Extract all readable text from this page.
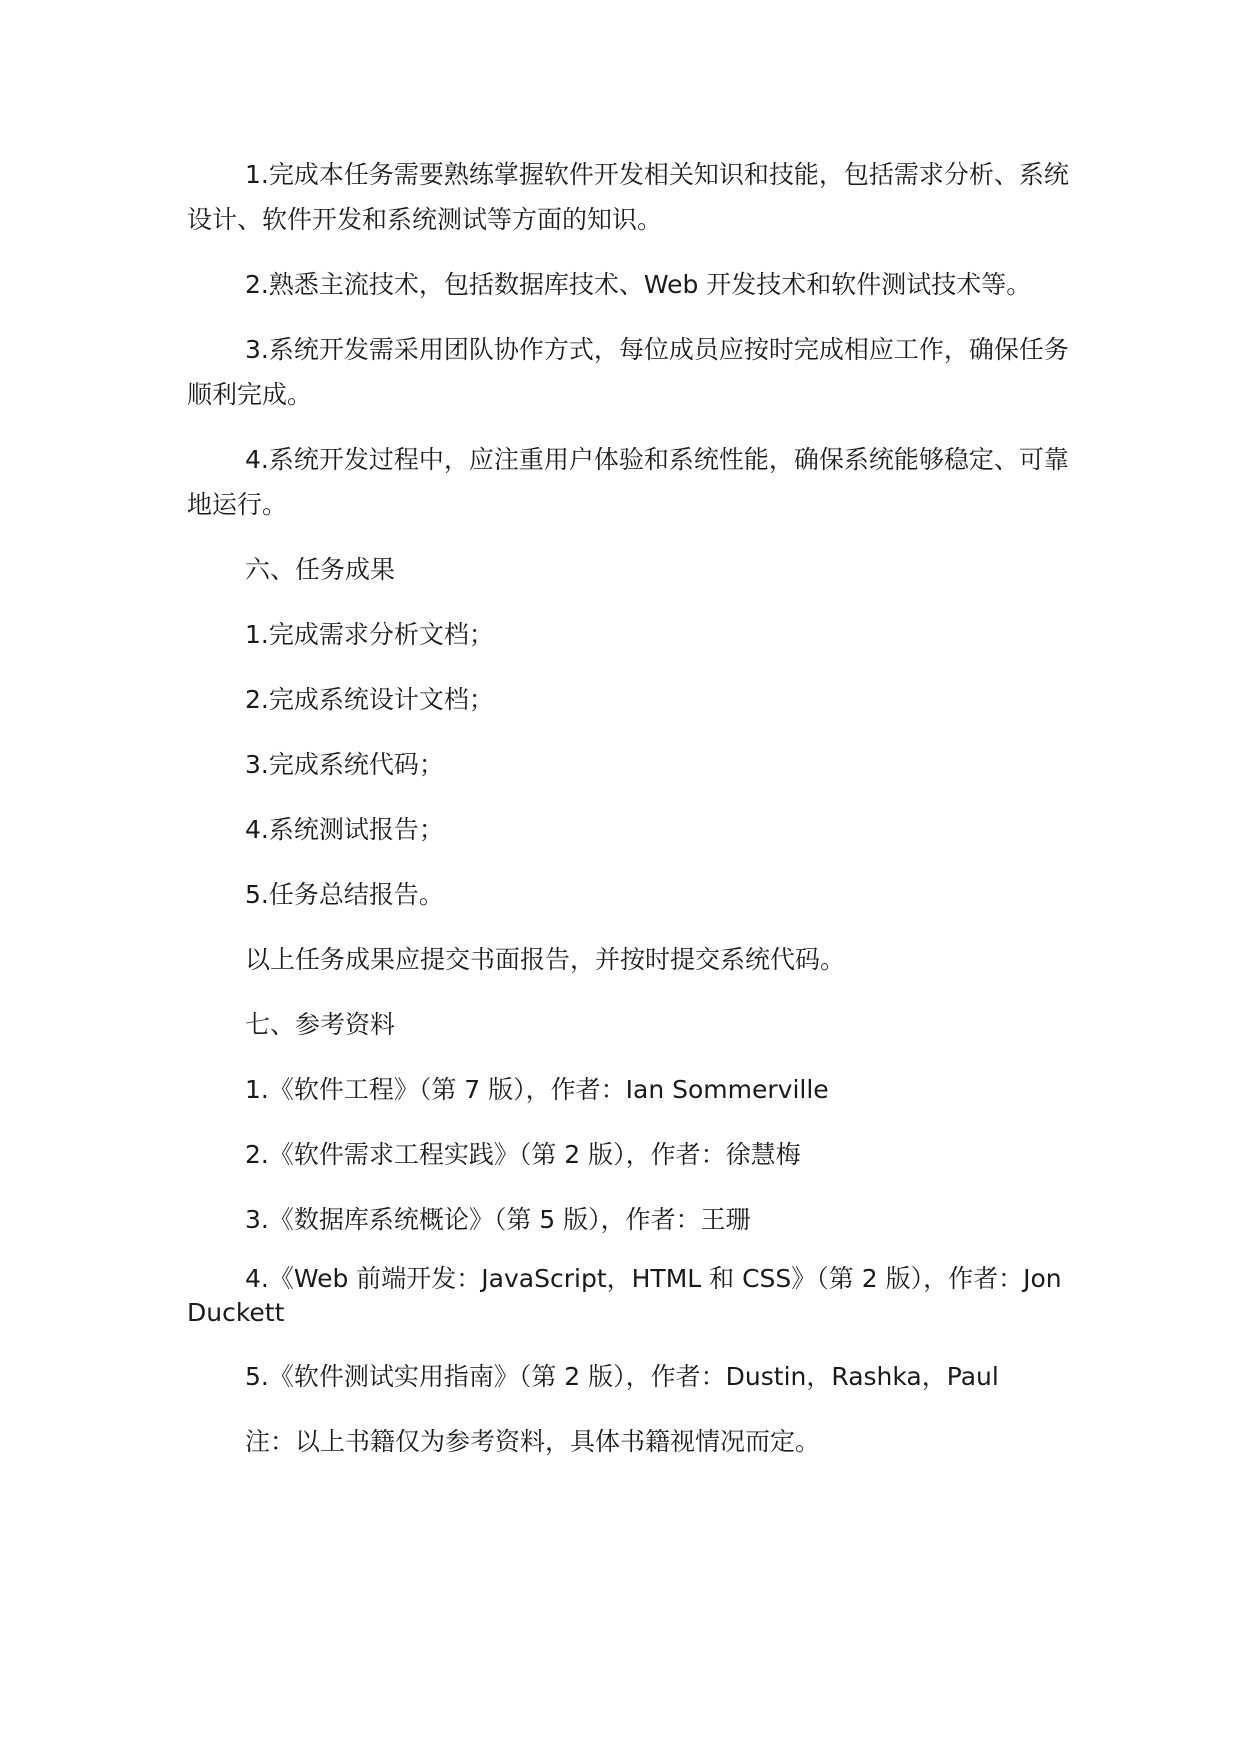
1.完成本任务需要熟练掌握软件开发相关知识和技能，包括需求分析、系统设计、软件开发和系统测试等方面的知识。

2.熟悉主流技术，包括数据库技术、Web 开发技术和软件测试技术等。

3.系统开发需采用团队协作方式，每位成员应按时完成相应工作，确保任务顺利完成。

4.系统开发过程中，应注重用户体验和系统性能，确保系统能够稳定、可靠地运行。

六、任务成果

1.完成需求分析文档；

2.完成系统设计文档；

3.完成系统代码；

4.系统测试报告；

5.任务总结报告。

以上任务成果应提交书面报告，并按时提交系统代码。

七、参考资料

1.《软件工程》（第 7 版），作者：Ian Sommerville

2.《软件需求工程实践》（第 2 版），作者：徐慧梅

3.《数据库系统概论》（第 5 版），作者：王珊

4.《Web 前端开发：JavaScript，HTML 和 CSS》（第 2 版），作者：Jon Duckett

5.《软件测试实用指南》（第 2 版），作者：Dustin，Rashka，Paul

注：以上书籍仅为参考资料，具体书籍视情况而定。
